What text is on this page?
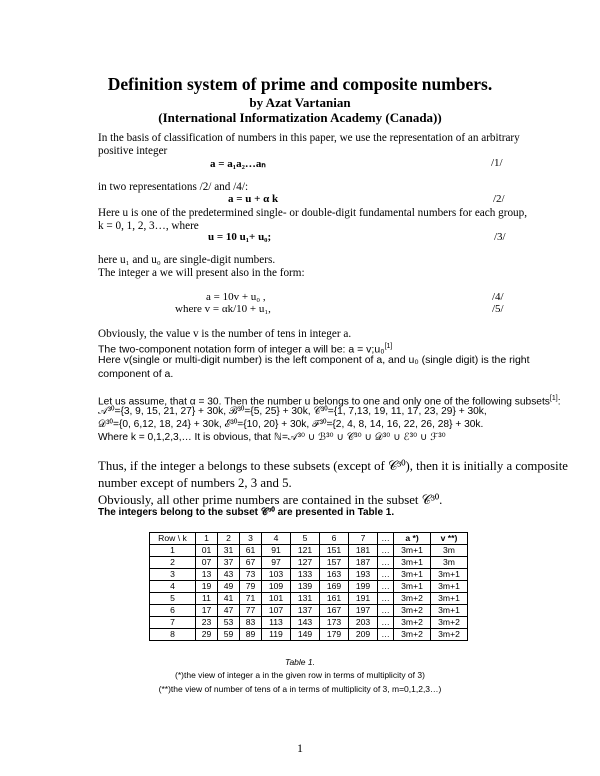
Definition system of prime and composite numbers.
by Azat Vartanian
(International Informatization Academy (Canada))
In the basis of classification of numbers in this paper, we use the representation of an arbitrary
positive integer
a = a₁a₂…aₙ	/1/
in two representations /2/ and /4/:
a = u + α k	/2/
Here u is one of the predetermined single- or double-digit fundamental numbers for each group,
k = 0, 1, 2, 3…, where
u = 10 u₁+ u₀;	/3/
here u₁ and u₀ are single-digit numbers.
The integer a we will present also in the form:
a = 10v + u₀ ,	/4/
where v = αk/10 + u₁,	/5/
Obviously, the value v is the number of tens in integer a.
The two-component notation form of integer a will be: a = v;u₀[1]
Here v(single or multi-digit number) is the left component of a, and u₀ (single digit) is the right
component of a.
Let us assume, that α = 30. Then the number u belongs to one and only one of the following subsets[1]:
𝒜³⁰={3, 9, 15, 21, 27} + 30k, ℬ³⁰={5, 25} + 30k, 𝒞³⁰={1, 7,13, 19, 11, 17, 23, 29} + 30k,
𝒟³⁰={0, 6,12, 18, 24} + 30k, ℰ³⁰={10, 20} + 30k, ℱ³⁰={2, 4, 8, 14, 16, 22, 26, 28} + 30k.
Where k = 0,1,2,3,… It is obvious, that ℕ=𝒜³⁰ ∪ ℬ³⁰ ∪ 𝒞³⁰ ∪ 𝒟³⁰ ∪ ℰ³⁰ ∪ ℱ³⁰
Thus, if the integer a belongs to these subsets (except of 𝒞³⁰), then it is initially a composite
number except of numbers 2, 3 and 5.
Obviously, all other prime numbers are contained in the subset 𝒞³⁰.
The integers belong to the subset 𝒞³⁰ are presented in Table 1.
Row \ k	1	2	3	4	5	6	7	…	a *)	v **)
1	01	31	61	91	121	151	181	…	3m+1	3m
2	07	37	67	97	127	157	187	…	3m+1	3m
3	13	43	73	103	133	163	193	…	3m+1	3m+1
4	19	49	79	109	139	169	199	…	3m+1	3m+1
5	11	41	71	101	131	161	191	…	3m+2	3m+1
6	17	47	77	107	137	167	197	…	3m+2	3m+1
7	23	53	83	113	143	173	203	…	3m+2	3m+2
8	29	59	89	119	149	179	209	…	3m+2	3m+2
Table 1.
(*)the view of integer a in the given row in terms of multiplicity of 3)
(**)the view of number of tens of a in terms of multiplicity of 3, m=0,1,2,3…)
1
